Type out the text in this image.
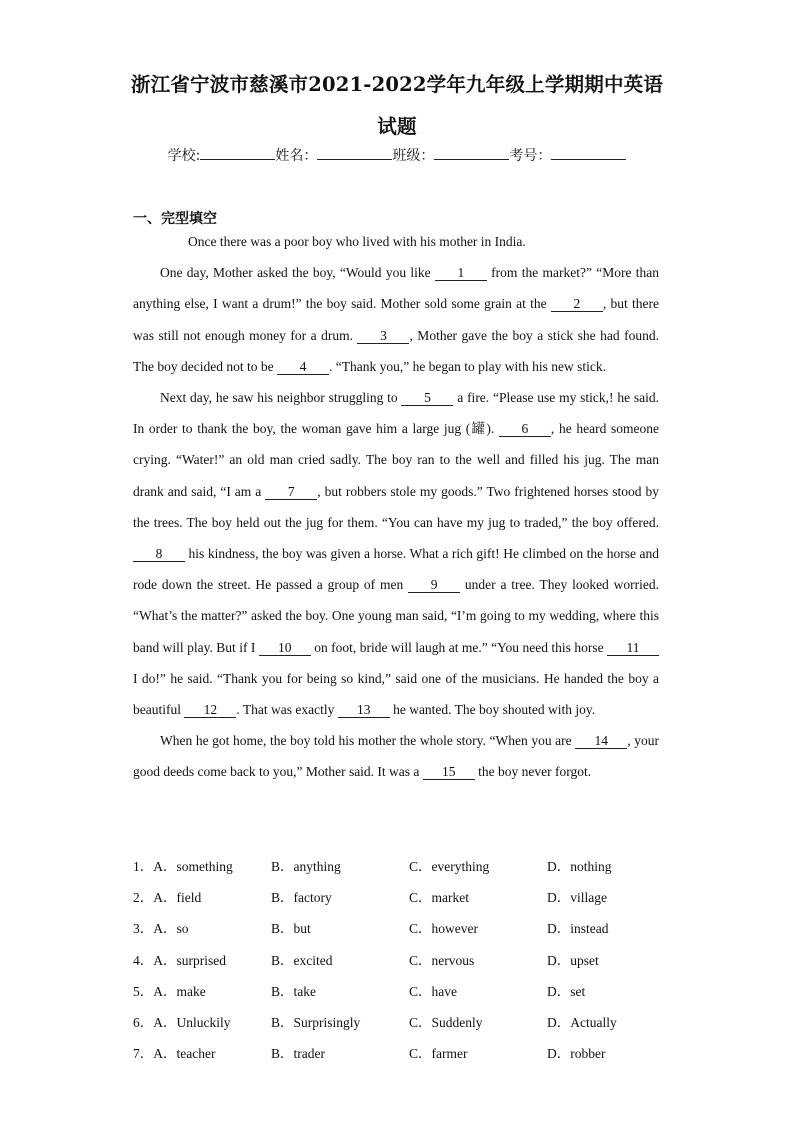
浙江省宁波市慈溪市2021-2022学年九年级上学期期中英语
试题
学校:	姓名：	班级：	考号：
一、完型填空

Once there was a poor boy who lived with his mother in India.

One day, Mother asked the boy, “Would you like 1 from the market?” “More than anything else, I want a drum!” the boy said. Mother sold some grain at the 2 , but there was still not enough money for a drum. 3 , Mother gave the boy a stick she had found. The boy decided not to be 4 . “Thank you,” he began to play with his new stick.

Next day, he saw his neighbor struggling to 5 a fire. “Please use my stick,! he said. In order to thank the boy, the woman gave him a large jug (罐). 6 , he heard someone crying. “Water!” an old man cried sadly. The boy ran to the well and filled his jug. The man drank and said, “I am a 7 , but robbers stole my goods.” Two frightened horses stood by the trees. The boy held out the jug for them. “You can have my jug to traded,” the boy offered. 8 his kindness, the boy was given a horse. What a rich gift! He climbed on the horse and rode down the street. He passed a group of men 9 under a tree. They looked worried. “What’s the matter?” asked the boy. One young man said, “I’m going to my wedding, where this band will play. But if I 10 on foot, bride will laugh at me.” “You need this horse 11 I do!” he said. “Thank you for being so kind,” said one of the musicians. He handed the boy a beautiful 12 . That was exactly 13 he wanted. The boy shouted with joy.

When he got home, the boy told his mother the whole story. “When you are 14 , your good deeds come back to you,” Mother said. It was a 15 the boy never forgot.

1．A．something	B．anything	C．everything	D．nothing
2．A．field	B．factory	C．market	D．village
3．A．so	B．but	C．however	D．instead
4．A．surprised	B．excited	C．nervous	D．upset
5．A．make	B．take	C．have	D．set
6．A．Unluckily	B．Surprisingly	C．Suddenly	D．Actually
7．A．teacher	B．trader	C．farmer	D．robber
